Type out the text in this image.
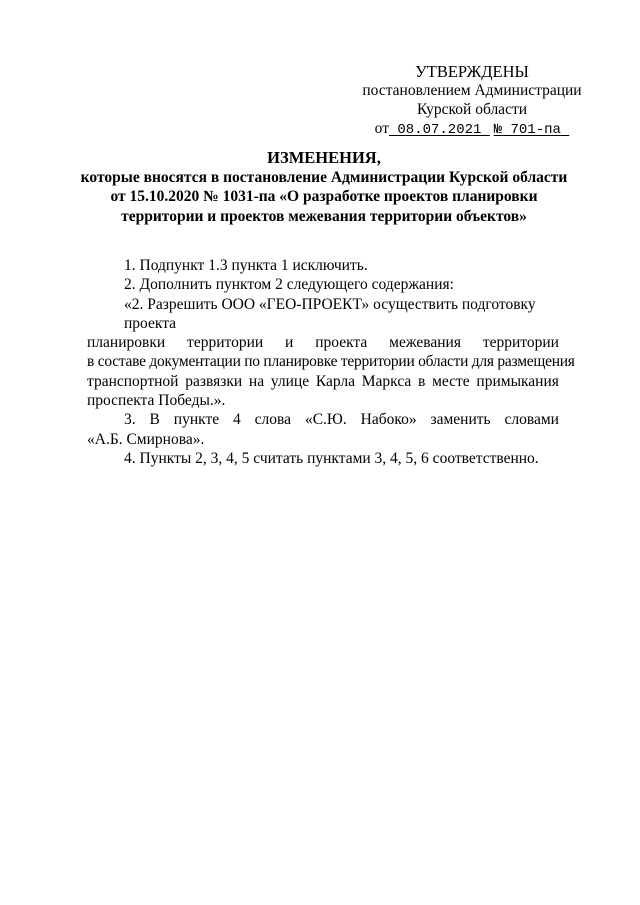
УТВЕРЖДЕНЫ
постановлением Администрации
Курской области
от 08.07.2021 № 701-па
ИЗМЕНЕНИЯ,
которые вносятся в постановление Администрации Курской области
от 15.10.2020 № 1031-па «О разработке проектов планировки
территории и проектов межевания территории объектов»
1. Подпункт 1.3 пункта 1 исключить.
2. Дополнить пунктом 2 следующего содержания:
«2. Разрешить ООО «ГЕО-ПРОЕКТ» осуществить подготовку проекта
планировки территории и проекта межевания территории
в составе документации по планировке территории области для размещения
транспортной развязки на улице Карла Маркса в месте примыкания
проспекта Победы.».
3. В пункте 4 слова «С.Ю. Набоко» заменить словами
«А.Б. Смирнова».
4. Пункты 2, 3, 4, 5 считать пунктами 3, 4, 5, 6 соответственно.
